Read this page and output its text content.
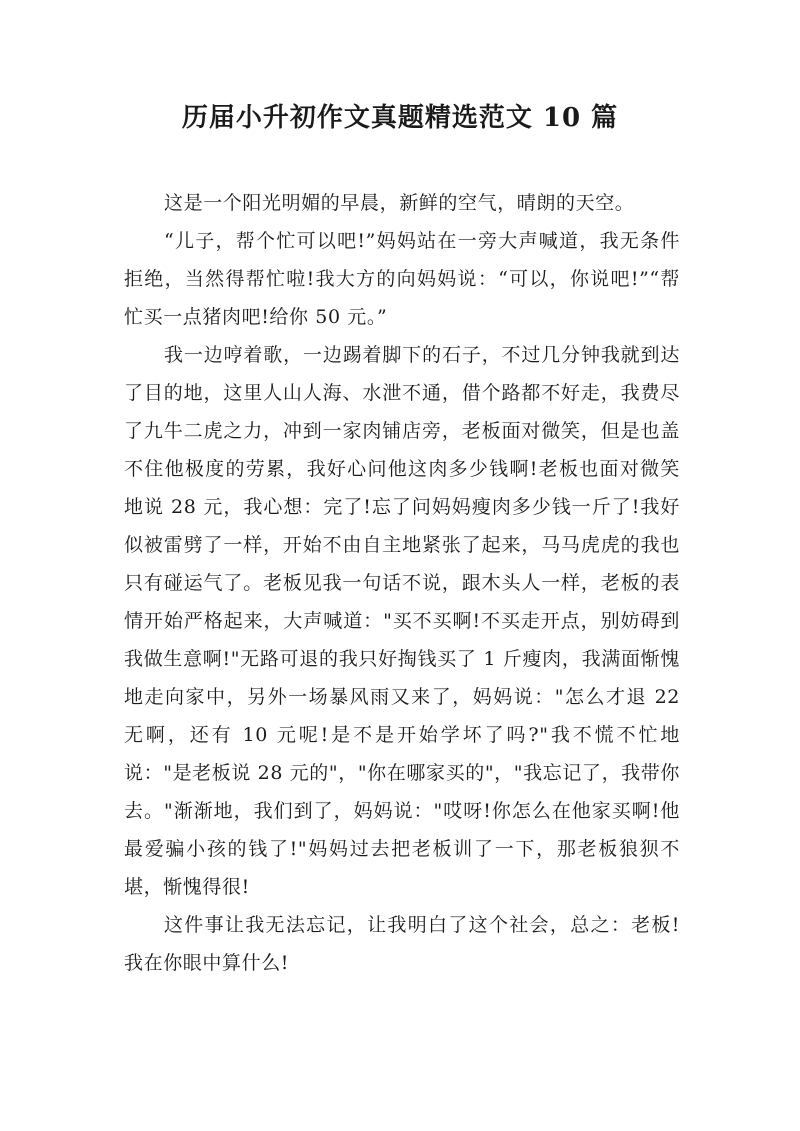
历届小升初作文真题精选范文 10 篇

这是一个阳光明媚的早晨，新鲜的空气，晴朗的天空。

“儿子，帮个忙可以吧!”妈妈站在一旁大声喊道，我无条件拒绝，当然得帮忙啦!我大方的向妈妈说：“可以，你说吧!”“帮忙买一点猪肉吧!给你 50 元。”

我一边哼着歌，一边踢着脚下的石子，不过几分钟我就到达了目的地，这里人山人海、水泄不通，借个路都不好走，我费尽了九牛二虎之力，冲到一家肉铺店旁，老板面对微笑，但是也盖不住他极度的劳累，我好心问他这肉多少钱啊!老板也面对微笑地说 28 元，我心想：完了!忘了问妈妈瘦肉多少钱一斤了!我好似被雷劈了一样，开始不由自主地紧张了起来，马马虎虎的我也只有碰运气了。老板见我一句话不说，跟木头人一样，老板的表情开始严格起来，大声喊道："买不买啊!不买走开点，别妨碍到我做生意啊!"无路可退的我只好掏钱买了 1 斤瘦肉，我满面惭愧地走向家中，另外一场暴风雨又来了，妈妈说："怎么才退 22 无啊，还有 10 元呢!是不是开始学坏了吗?"我不慌不忙地说："是老板说 28 元的"，"你在哪家买的"，"我忘记了，我带你去。"渐渐地，我们到了，妈妈说："哎呀!你怎么在他家买啊!他最爱骗小孩的钱了!"妈妈过去把老板训了一下，那老板狼狈不堪，惭愧得很!

这件事让我无法忘记，让我明白了这个社会，总之：老板!我在你眼中算什么!
